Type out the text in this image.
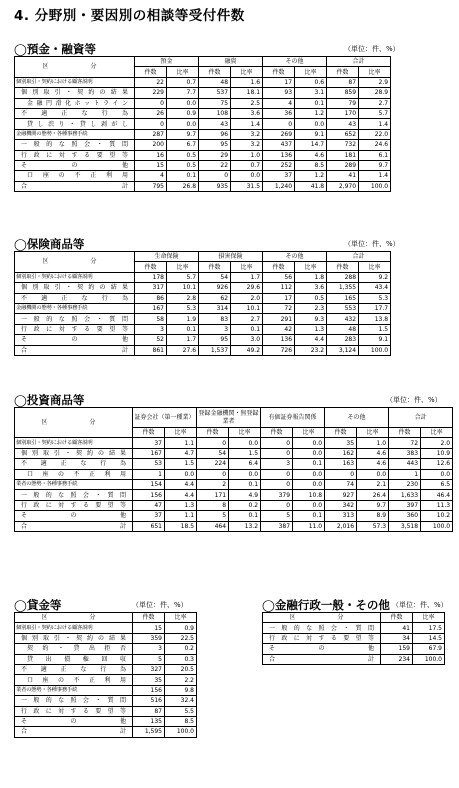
4. 分野別・要因別の相談等受付件数
◯預金・融資等	（単位：件、%）
区　　分	預金		融資		その他		合計	
	件数	比率	件数	比率	件数	比率	件数	比率
個別取引・契約における顧客説明	22	0.7	48	1.6	17	0.6	87	2.9
個別取引・契約の結果	229	7.7	537	18.1	93	3.1	859	28.9
金融円滑化ホットライン	0	0.0	75	2.5	4	0.1	79	2.7
不適正な行為	26	0.9	108	3.6	36	1.2	170	5.7
貸し渋り・貸し剥がし	0	0.0	43	1.4	0	0.0	43	1.4
金融機関の態勢・各種事務手続	287	9.7	96	3.2	269	9.1	652	22.0
一般的な照会・質問	200	6.7	95	3.2	437	14.7	732	24.6
行政に対する要望等	16	0.5	29	1.0	136	4.6	181	6.1
そ の 他	15	0.5	22	0.7	252	8.5	289	9.7
口座の不正利用	4	0.1	0	0.0	37	1.2	41	1.4
合　　計	795	26.8	935	31.5	1,240	41.8	2,970	100.0
◯保険商品等	（単位：件、%）
区　　分	生命保険		損害保険		その他		合計	
	件数	比率	件数	比率	件数	比率	件数	比率
個別取引・契約における顧客説明	178	5.7	54	1.7	56	1.8	288	9.2
個別取引・契約の結果	317	10.1	926	29.6	112	3.6	1,355	43.4
不適正な行為	86	2.8	62	2.0	17	0.5	165	5.3
金融機関の態勢・各種事務手続	167	5.3	314	10.1	72	2.3	553	17.7
一般的な照会・質問	58	1.9	83	2.7	291	9.3	432	13.8
行政に対する要望等	3	0.1	3	0.1	42	1.3	48	1.5
そ の 他	52	1.7	95	3.0	136	4.4	283	9.1
合　　計	861	27.6	1,537	49.2	726	23.2	3,124	100.0
◯投資商品等	（単位：件、%）
区　　分	証券会社（第一種業）		登録金融機関・無登録業者		有価証券報告関係		その他		合計	
	件数	比率	件数	比率	件数	比率	件数	比率	件数	比率
個別取引・契約における顧客説明	37	1.1	0	0.0	0	0.0	35	1.0	72	2.0
個別取引・契約の結果	167	4.7	54	1.5	0	0.0	162	4.6	383	10.9
不適正な行為	53	1.5	224	6.4	3	0.1	163	4.6	443	12.6
口座の不正利用	1	0.0	0	0.0	0	0.0	0	0.0	1	0.0
業者の態勢・各種事務手続	154	4.4	2	0.1	0	0.0	74	2.1	230	6.5
一般的な照会・質問	156	4.4	171	4.9	379	10.8	927	26.4	1,633	46.4
行政に対する要望等	47	1.3	8	0.2	0	0.0	342	9.7	397	11.3
そ の 他	37	1.1	5	0.1	5	0.1	313	8.9	360	10.2
合　　計	651	18.5	464	13.2	387	11.0	2,016	57.3	3,518	100.0
◯貸金等	（単位：件、%）
区　　分	件数	比率
個別取引・契約における顧客説明	15	0.9
個別取引・契約の結果	359	22.5
契約・貸出拒否	3	0.2
貸出債権回収	5	0.3
不適正な行為	327	20.5
口座の不正利用	35	2.2
業者の態勢・各種事務手続	156	9.8
一般的な照会・質問	516	32.4
行政に対する要望等	87	5.5
そ の 他	135	8.5
合　　計	1,595	100.0
◯金融行政一般・その他 （単位：件、%）
区　　分	件数	比率
一般的な照会・質問	41	17.5
行政に対する要望等	34	14.5
そ の 他	159	67.9
合　　計	234	100.0
